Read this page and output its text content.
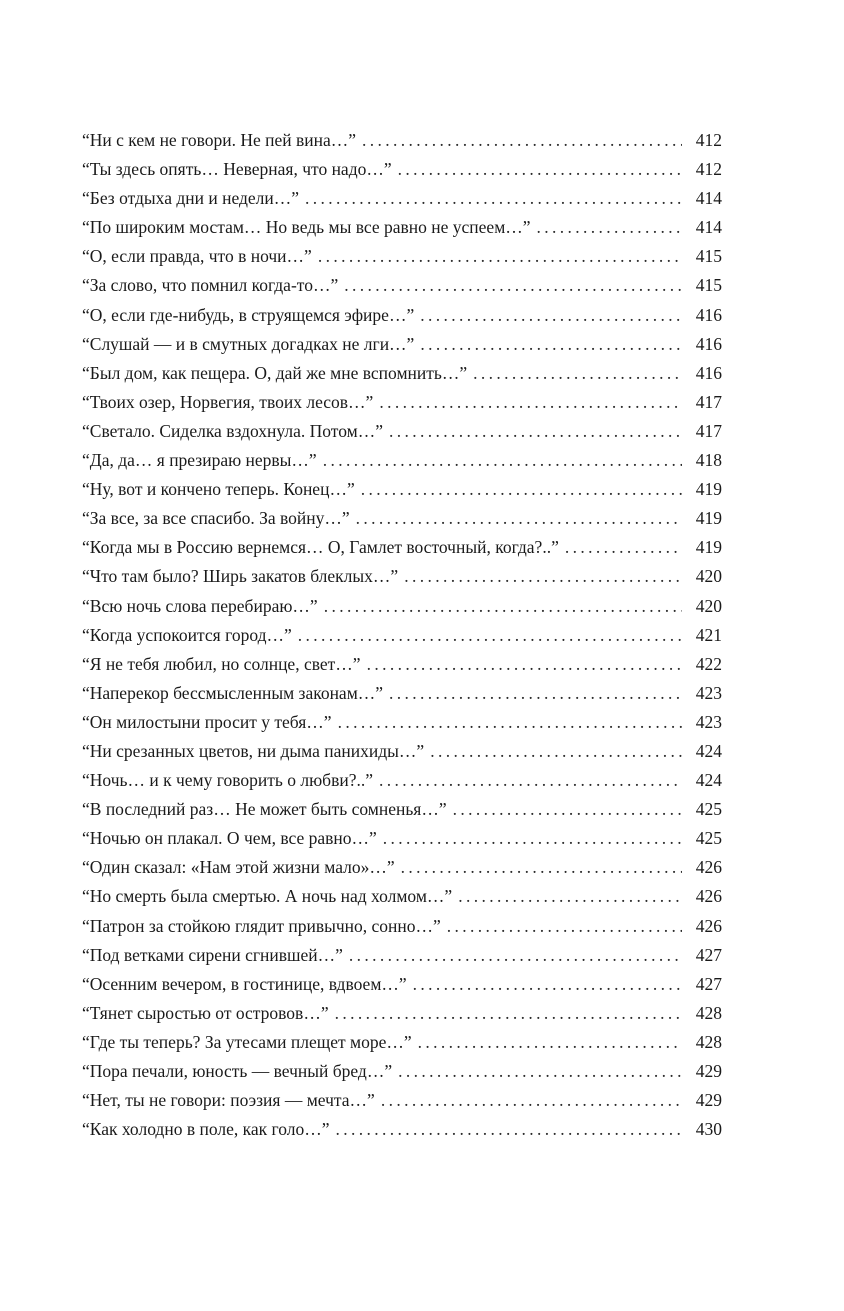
“Ни с кем не говори. Не пей вина…” . . .	412
“Ты здесь опять… Неверная, что надо…” . . .	412
“Без отдыха дни и недели…” . . .	414
“По широким мостам… Но ведь мы все равно не успеем…” . . .	414
“О, если правда, что в ночи…” . . .	415
“За слово, что помнил когда-то…” . . .	415
“О, если где-нибудь, в струящемся эфире…” . . .	416
“Слушай — и в смутных догадках не лги…” . . .	416
“Был дом, как пещера. О, дай же мне вспомнить…” . . .	416
“Твоих озер, Норвегия, твоих лесов…” . . .	417
“Светало. Сиделка вздохнула. Потом…” . . .	417
“Да, да… я презираю нервы…” . . .	418
“Ну, вот и кончено теперь. Конец…” . . .	419
“За все, за все спасибо. За войну…” . . .	419
“Когда мы в Россию вернемся… О, Гамлет восточный, когда?..” . . .	419
“Что там было? Ширь закатов блеклых…” . . .	420
“Всю ночь слова перебираю…” . . .	420
“Когда успокоится город…” . . .	421
“Я не тебя любил, но солнце, свет…” . . .	422
“Наперекор бессмысленным законам…” . . .	423
“Он милостыни просит у тебя…” . . .	423
“Ни срезанных цветов, ни дыма панихиды…” . . .	424
“Ночь… и к чему говорить о любви?..” . . .	424
“В последний раз… Не может быть сомненья…” . . .	425
“Ночью он плакал. О чем, все равно…” . . .	425
“Один сказал: «Нам этой жизни мало»…” . . .	426
“Но смерть была смертью. А ночь над холмом…” . . .	426
“Патрон за стойкою глядит привычно, сонно…” . . .	426
“Под ветками сирени сгнившей…” . . .	427
“Осенним вечером, в гостинице, вдвоем…” . . .	427
“Тянет сыростью от островов…” . . .	428
“Где ты теперь? За утесами плещет море…” . . .	428
“Пора печали, юность — вечный бред…” . . .	429
“Нет, ты не говори: поэзия — мечта…” . . .	429
“Как холодно в поле, как голо…” . . .	430
